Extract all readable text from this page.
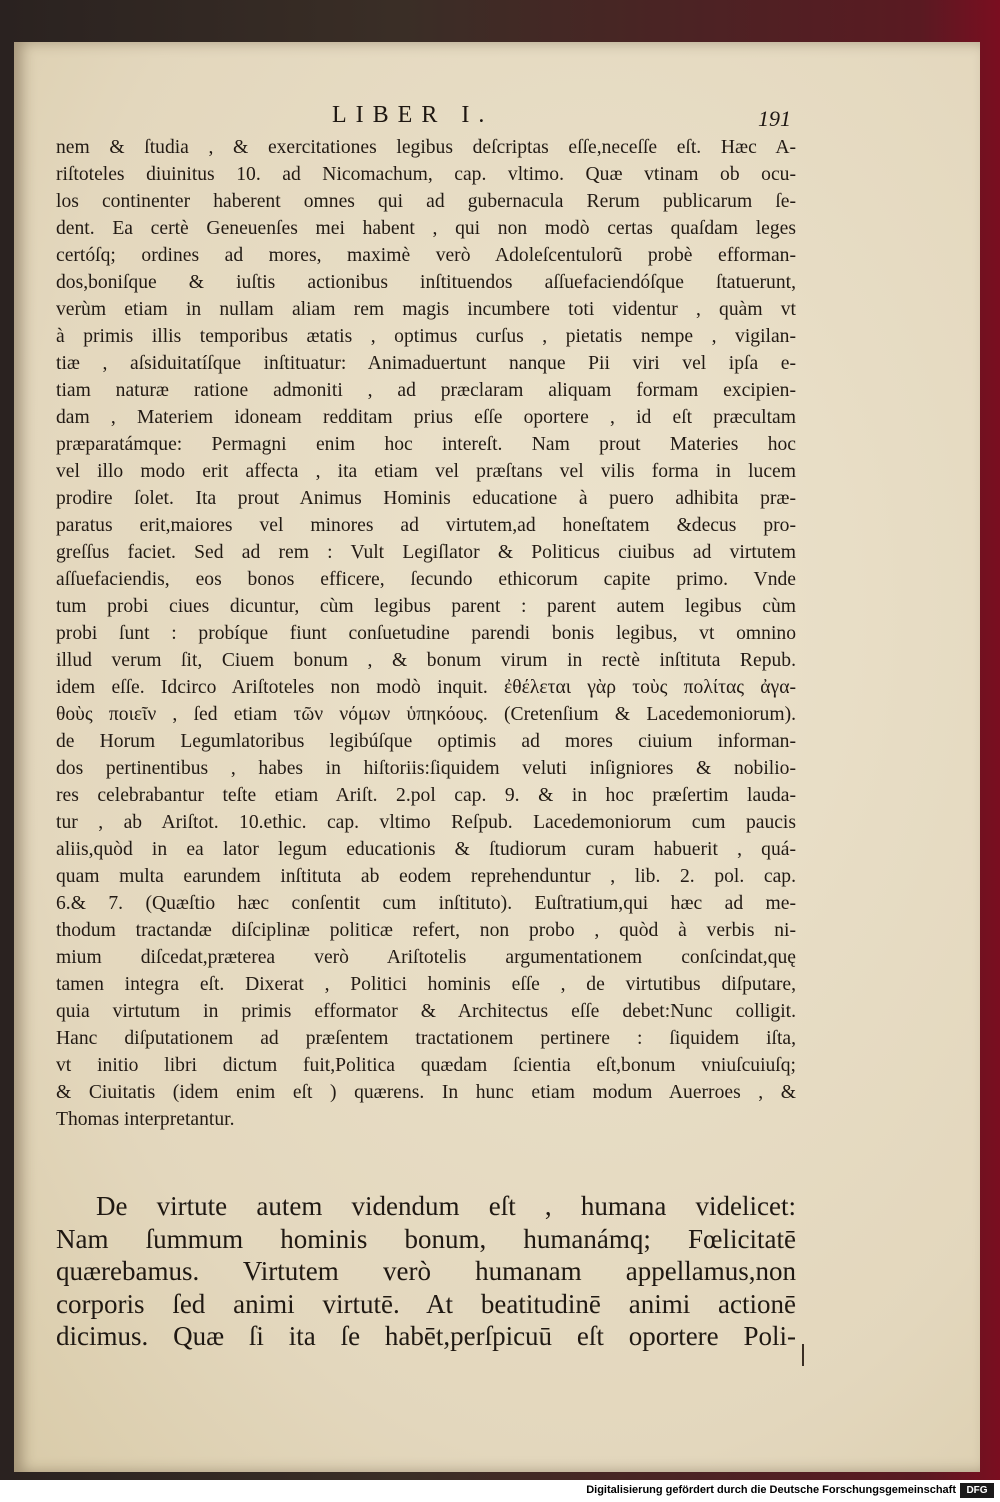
LIBER I.	191
nem & ſtudia , & exercitationes legibus deſcriptas eſſe,neceſſe eſt. Hæc A-
riſtoteles diuinitus 10. ad Nicomachum, cap. vltimo. Quæ vtinam ob ocu-
los continenter haberent omnes qui ad gubernacula Rerum publicarum ſe-
dent. Ea certè Geneuenſes mei habent , qui non modò certas quaſdam leges
certóſq; ordines ad mores, maximè verò Adoleſcentulorũ probè efforman-
dos,boniſque & iuſtis actionibus inſtituendos aſſuefaciendóſque ſtatuerunt,
verùm etiam in nullam aliam rem magis incumbere toti videntur , quàm vt
à primis illis temporibus ætatis , optimus curſus , pietatis nempe , vigilan-
tiæ , aſsiduitatíſque inſtituatur: Animaduertunt nanque Pii viri vel ipſa e-
tiam naturæ ratione admoniti , ad præclaram aliquam formam excipien-
dam , Materiem idoneam redditam prius eſſe oportere , id eſt præcultam
præparatámque: Permagni enim hoc intereſt. Nam prout Materies hoc
vel illo modo erit affecta , ita etiam vel præſtans vel vilis forma in lucem
prodire ſolet. Ita prout Animus Hominis educatione à puero adhibita præ-
paratus erit,maiores vel minores ad virtutem,ad honeſtatem &decus pro-
greſſus faciet. Sed ad rem : Vult Legiſlator & Politicus ciuibus ad virtutem
aſſuefaciendis, eos bonos efficere, ſecundo ethicorum capite primo. Vnde
tum probi ciues dicuntur, cùm legibus parent : parent autem legibus cùm
probi ſunt : probíque fiunt conſuetudine parendi bonis legibus, vt omnino
illud verum ſit, Ciuem bonum , & bonum virum in rectè inſtituta Repub.
idem eſſe. Idcirco Ariſtoteles non modò inquit. ἐθέλεται γὰρ τοὺς πολίτας ἀγα-
θοὺς ποιεῖν , ſed etiam τῶν νόμων ὑπηκόους. (Cretenſium & Lacedemoniorum).
de Horum Legumlatoribus legibúſque optimis ad mores ciuium informan-
dos pertinentibus , habes in hiſtoriis:ſiquidem veluti inſigniores & nobilio-
res celebrabantur teſte etiam Ariſt. 2.pol cap. 9. & in hoc præſertim lauda-
tur , ab Ariſtot. 10.ethic. cap. vltimo Reſpub. Lacedemoniorum cum paucis
aliis,quòd in ea lator legum educationis & ſtudiorum curam habuerit , quá-
quam multa earundem inſtituta ab eodem reprehenduntur , lib. 2. pol. cap.
6.& 7. (Quæſtio hæc conſentit cum inſtituto). Euſtratium,qui hæc ad me-
thodum tractandæ diſciplinæ politicæ refert, non probo , quòd à verbis ni-
mium diſcedat,præterea verò Ariſtotelis argumentationem conſcindat,quę
tamen integra eſt. Dixerat , Politici hominis eſſe , de virtutibus diſputare,
quia virtutum in primis efformator & Architectus eſſe debet:Nunc colligit.
Hanc diſputationem ad præſentem tractationem pertinere : ſiquidem iſta,
vt initio libri dictum fuit,Politica quædam ſcientia eſt,bonum vniuſcuiuſq;
& Ciuitatis (idem enim eſt ) quærens. In hunc etiam modum Auerroes , &
Thomas interpretantur.
De virtute autem videndum eſt , humana videlicet:
Nam ſummum hominis bonum, humanámq; Fœlicitatē
quærebamus. Virtutem verò humanam appellamus,non
corporis ſed animi virtutē. At beatitudinē animi actionē
dicimus. Quæ ſi ita ſe habēt,perſpicuū eſt oportere Poli-
Digitalisierung gefördert durch die Deutsche Forschungsgemeinschaft	DFG
